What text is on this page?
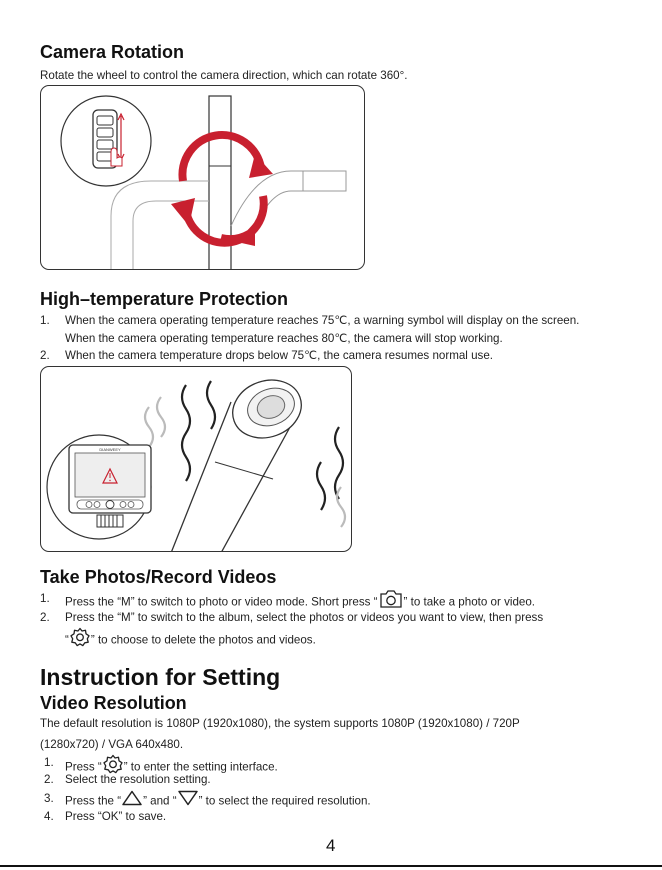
Camera Rotation

Rotate the wheel to control the camera direction, which can rotate 360°.

High–temperature Protection
1. When the camera operating temperature reaches 75℃, a warning symbol will display on the screen.

When the camera operating temperature reaches 80℃, the camera will stop working.

2. When the camera temperature drops below 75℃, the camera resumes normal use.

DIANWEEY
Take Photos/Record Videos
1. Press the “M” to switch to photo or video mode. Short press “ ” to take a photo or video.

2. Press the “M” to switch to the album, select the photos or videos you want to view, then press

“ ” to choose to delete the photos and videos.

Instruction for Setting
Video Resolution

The default resolution is 1080P (1920x1080), the system supports 1080P (1920x1080) / 720P

(1280x720) / VGA 640x480.

1. Press “ ” to enter the setting interface.

2. Select the resolution setting.

3. Press the “ ” and “ ” to select the required resolution.

4. Press “OK” to save.

4
